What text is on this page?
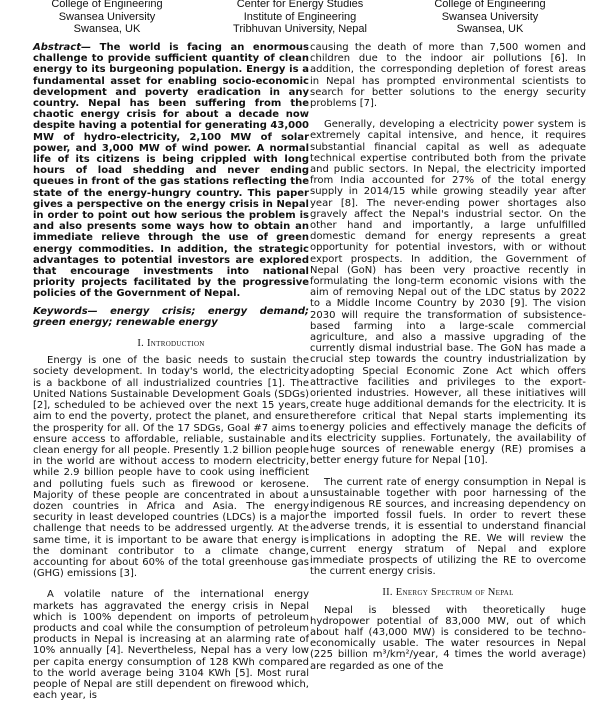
College of Engineering
Swansea University
Swansea, UK
Center for Energy Studies
Institute of Engineering
Tribhuvan University, Nepal
College of Engineering
Swansea University
Swansea, UK
Abstract— The world is facing an enormous challenge to provide sufficient quantity of clean energy to its burgeoning population. Energy is a fundamental asset for enabling socio-economic development and poverty eradication in any country. Nepal has been suffering from the chaotic energy crisis for about a decade now despite having a potential for generating 43,000 MW of hydro-electricity, 2,100 MW of solar power, and 3,000 MW of wind power. A normal life of its citizens is being crippled with long hours of load shedding and never ending queues in front of the gas stations reflecting the state of the energy-hungry country. This paper gives a perspective on the energy crisis in Nepal in order to point out how serious the problem is and also presents some ways how to obtain an immediate relieve through the use of green energy commodities. In addition, the strategic advantages to potential investors are explored that encourage investments into national priority projects facilitated by the progressive policies of the Government of Nepal.
Keywords— energy crisis; energy demand; green energy; renewable energy
I. Introduction

Energy is one of the basic needs to sustain the society development. In today's world, the electricity is a backbone of all industrialized countries [1]. The United Nations Sustainable Development Goals (SDGs) [2], scheduled to be achieved over the next 15 years, aim to end the poverty, protect the planet, and ensure the prosperity for all. Of the 17 SDGs, Goal #7 aims to ensure access to affordable, reliable, sustainable and clean energy for all people. Presently 1.2 billion people in the world are without access to modern electricity, while 2.9 billion people have to cook using inefficient and polluting fuels such as firewood or kerosene. Majority of these people are concentrated in about a dozen countries in Africa and Asia. The energy security in least developed countries (LDCs) is a major challenge that needs to be addressed urgently. At the same time, it is important to be aware that energy is the dominant contributor to a climate change, accounting for about 60% of the total greenhouse gas (GHG) emissions [3].

A volatile nature of the international energy markets has aggravated the energy crisis in Nepal which is 100% dependent on imports of petroleum products and coal while the consumption of petroleum products in Nepal is increasing at an alarming rate of 10% annually [4]. Nevertheless, Nepal has a very low per capita energy consumption of 128 KWh compared to the world average being 3104 KWh [5]. Most rural people of Nepal are still dependent on firewood which, each year, is

causing the death of more than 7,500 women and children due to the indoor air pollutions [6]. In addition, the corresponding depletion of forest areas in Nepal has prompted environmental scientists to search for better solutions to the energy security problems [7].

Generally, developing a electricity power system is extremely capital intensive, and hence, it requires substantial financial capital as well as adequate technical expertise contributed both from the private and public sectors. In Nepal, the electricity imported from India accounted for 27% of the total energy supply in 2014/15 while growing steadily year after year [8]. The never-ending power shortages also gravely affect the Nepal's industrial sector. On the other hand and importantly, a large unfulfilled domestic demand for energy represents a great opportunity for potential investors, with or without export prospects. In addition, the Government of Nepal (GoN) has been very proactive recently in formulating the long-term economic visions with the aim of removing Nepal out of the LDC status by 2022 to a Middle Income Country by 2030 [9]. The vision 2030 will require the transformation of subsistence-based farming into a large-scale commercial agriculture, and also a massive upgrading of the currently dismal industrial base. The GoN has made a crucial step towards the country industrialization by adopting Special Economic Zone Act which offers attractive facilities and privileges to the export-oriented industries. However, all these initiatives will create huge additional demands for the electricity. It is therefore critical that Nepal starts implementing its energy policies and effectively manage the deficits of its electricity supplies. Fortunately, the availability of huge sources of renewable energy (RE) promises a better energy future for Nepal [10].

The current rate of energy consumption in Nepal is unsustainable together with poor harnessing of the indigenous RE sources, and increasing dependency on the imported fossil fuels. In order to revert these adverse trends, it is essential to understand financial implications in adopting the RE. We will review the current energy stratum of Nepal and explore immediate prospects of utilizing the RE to overcome the current energy crisis.

II. Energy Spectrum of Nepal

Nepal is blessed with theoretically huge hydropower potential of 83,000 MW, out of which about half (43,000 MW) is considered to be techno-economically usable. The water resources in Nepal (225 billion m³/km²/year, 4 times the world average) are regarded as one of the
